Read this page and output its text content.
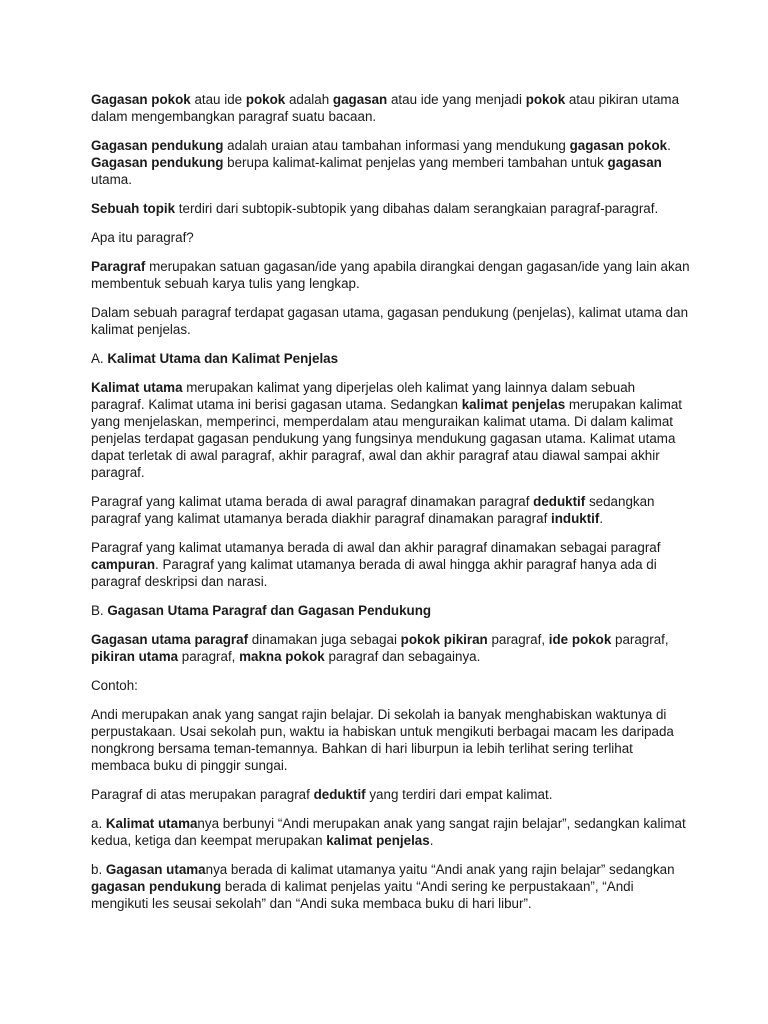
Gagasan pokok atau ide pokok adalah gagasan atau ide yang menjadi pokok atau pikiran utama dalam mengembangkan paragraf suatu bacaan.

Gagasan pendukung adalah uraian atau tambahan informasi yang mendukung gagasan pokok. Gagasan pendukung berupa kalimat-kalimat penjelas yang memberi tambahan untuk gagasan utama.

Sebuah topik terdiri dari subtopik-subtopik yang dibahas dalam serangkaian paragraf-paragraf.

Apa itu paragraf?

Paragraf merupakan satuan gagasan/ide yang apabila dirangkai dengan gagasan/ide yang lain akan membentuk sebuah karya tulis yang lengkap.

Dalam sebuah paragraf terdapat gagasan utama, gagasan pendukung (penjelas), kalimat utama dan kalimat penjelas.

A. Kalimat Utama dan Kalimat Penjelas

Kalimat utama merupakan kalimat yang diperjelas oleh kalimat yang lainnya dalam sebuah paragraf. Kalimat utama ini berisi gagasan utama. Sedangkan kalimat penjelas merupakan kalimat yang menjelaskan, memperinci, memperdalam atau menguraikan kalimat utama. Di dalam kalimat penjelas terdapat gagasan pendukung yang fungsinya mendukung gagasan utama. Kalimat utama dapat terletak di awal paragraf, akhir paragraf, awal dan akhir paragraf atau diawal sampai akhir paragraf.

Paragraf yang kalimat utama berada di awal paragraf dinamakan paragraf deduktif sedangkan paragraf yang kalimat utamanya berada diakhir paragraf dinamakan paragraf induktif.

Paragraf yang kalimat utamanya berada di awal dan akhir paragraf dinamakan sebagai paragraf campuran. Paragraf yang kalimat utamanya berada di awal hingga akhir paragraf hanya ada di paragraf deskripsi dan narasi.

B. Gagasan Utama Paragraf dan Gagasan Pendukung

Gagasan utama paragraf dinamakan juga sebagai pokok pikiran paragraf, ide pokok paragraf, pikiran utama paragraf, makna pokok paragraf dan sebagainya.

Contoh:

Andi merupakan anak yang sangat rajin belajar. Di sekolah ia banyak menghabiskan waktunya di perpustakaan. Usai sekolah pun, waktu ia habiskan untuk mengikuti berbagai macam les daripada nongkrong bersama teman-temannya. Bahkan di hari liburpun ia lebih terlihat sering terlihat membaca buku di pinggir sungai.

Paragraf di atas merupakan paragraf deduktif yang terdiri dari empat kalimat.

a. Kalimat utamanya berbunyi “Andi merupakan anak yang sangat rajin belajar”, sedangkan kalimat kedua, ketiga dan keempat merupakan kalimat penjelas.

b. Gagasan utamanya berada di kalimat utamanya yaitu “Andi anak yang rajin belajar” sedangkan gagasan pendukung berada di kalimat penjelas yaitu “Andi sering ke perpustakaan”, “Andi mengikuti les seusai sekolah” dan “Andi suka membaca buku di hari libur”.
